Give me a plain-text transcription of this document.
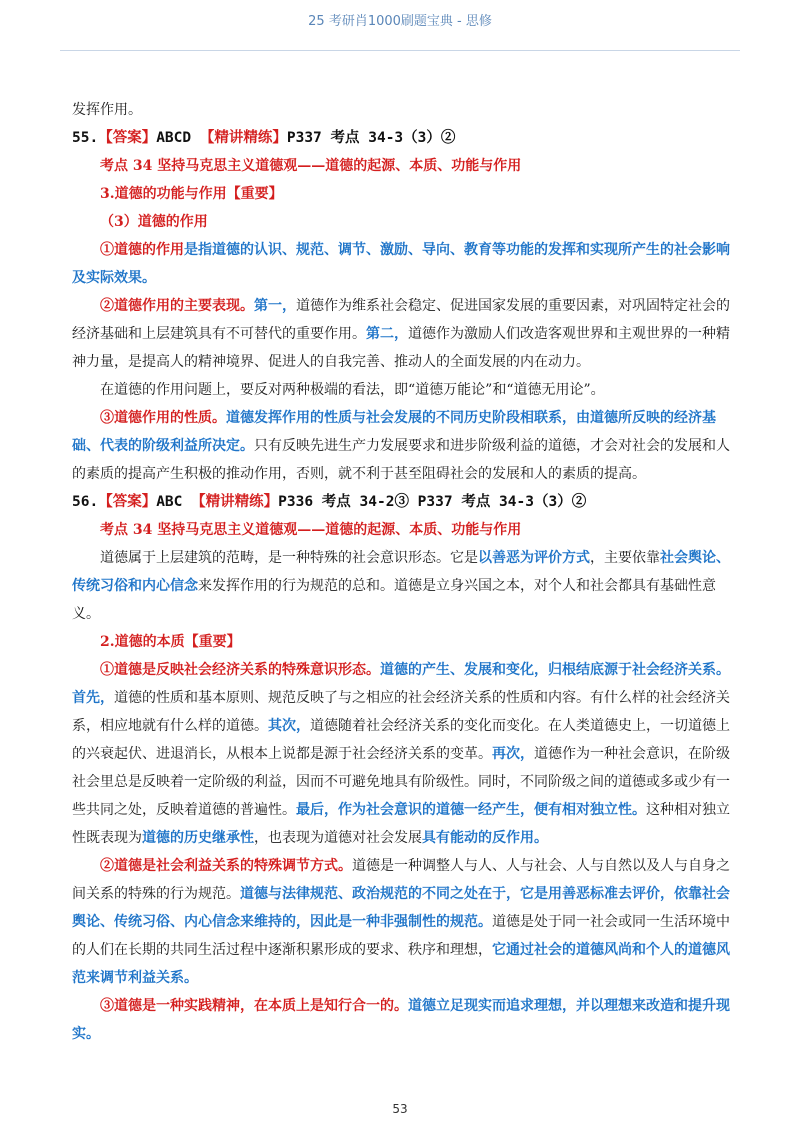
25 考研肖1000刷题宝典 - 思修

发挥作用。

55.【答案】ABCD 【精讲精练】P337 考点 34-3（3）②

考点 34 坚持马克思主义道德观——道德的起源、本质、功能与作用

3.道德的功能与作用【重要】

（3）道德的作用

①道德的作用是指道德的认识、规范、调节、激励、导向、教育等功能的发挥和实现所产生的社会影响及实际效果。

②道德作用的主要表现。第一，道德作为维系社会稳定、促进国家发展的重要因素，对巩固特定社会的经济基础和上层建筑具有不可替代的重要作用。第二，道德作为激励人们改造客观世界和主观世界的一种精神力量，是提高人的精神境界、促进人的自我完善、推动人的全面发展的内在动力。

在道德的作用问题上，要反对两种极端的看法，即“道德万能论”和“道德无用论”。

③道德作用的性质。道德发挥作用的性质与社会发展的不同历史阶段相联系，由道德所反映的经济基础、代表的阶级利益所决定。只有反映先进生产力发展要求和进步阶级利益的道德，才会对社会的发展和人的素质的提高产生积极的推动作用，否则，就不利于甚至阻碍社会的发展和人的素质的提高。

56.【答案】ABC 【精讲精练】P336 考点 34-2③ P337 考点 34-3（3）②

考点 34 坚持马克思主义道德观——道德的起源、本质、功能与作用

道德属于上层建筑的范畴，是一种特殊的社会意识形态。它是以善恶为评价方式，主要依靠社会舆论、传统习俗和内心信念来发挥作用的行为规范的总和。道德是立身兴国之本，对个人和社会都具有基础性意义。

2.道德的本质【重要】

①道德是反映社会经济关系的特殊意识形态。道德的产生、发展和变化，归根结底源于社会经济关系。首先，道德的性质和基本原则、规范反映了与之相应的社会经济关系的性质和内容。有什么样的社会经济关系，相应地就有什么样的道德。其次，道德随着社会经济关系的变化而变化。在人类道德史上，一切道德上的兴衰起伏、进退消长，从根本上说都是源于社会经济关系的变革。再次，道德作为一种社会意识，在阶级社会里总是反映着一定阶级的利益，因而不可避免地具有阶级性。同时，不同阶级之间的道德或多或少有一些共同之处，反映着道德的普遍性。最后，作为社会意识的道德一经产生，便有相对独立性。这种相对独立性既表现为道德的历史继承性，也表现为道德对社会发展具有能动的反作用。

②道德是社会利益关系的特殊调节方式。道德是一种调整人与人、人与社会、人与自然以及人与自身之间关系的特殊的行为规范。道德与法律规范、政治规范的不同之处在于，它是用善恶标准去评价，依靠社会舆论、传统习俗、内心信念来维持的，因此是一种非强制性的规范。道德是处于同一社会或同一生活环境中的人们在长期的共同生活过程中逐渐积累形成的要求、秩序和理想，它通过社会的道德风尚和个人的道德风范来调节利益关系。

③道德是一种实践精神，在本质上是知行合一的。道德立足现实而追求理想，并以理想来改造和提升现实。

53
